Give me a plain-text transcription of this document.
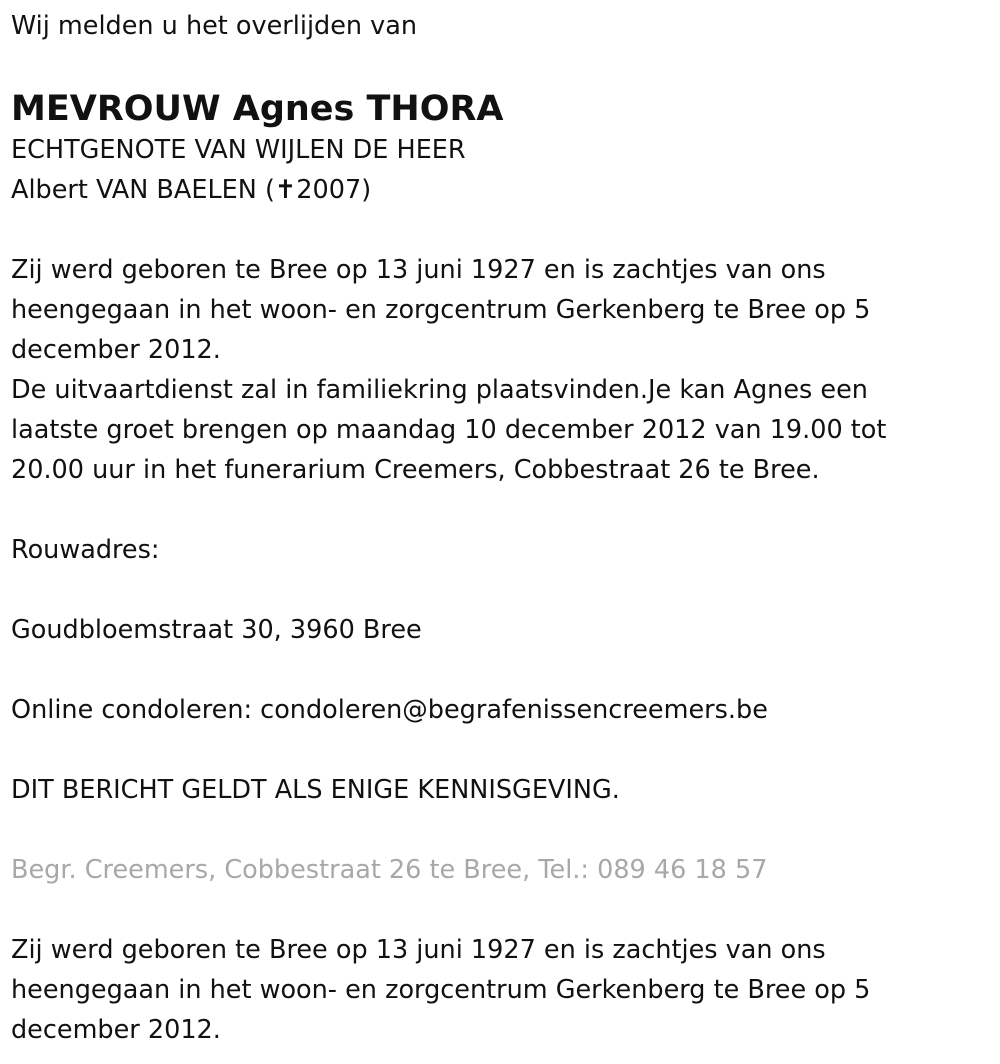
Wij melden u het overlijden van

MEVROUW Agnes THORA

ECHTGENOTE VAN WIJLEN DE HEER

Albert VAN BAELEN (✝2007)

Zij werd geboren te Bree op 13 juni 1927 en is zachtjes van ons

heengegaan in het woon- en zorgcentrum Gerkenberg te Bree op 5

december 2012.

De uitvaartdienst zal in familiekring plaatsvinden.Je kan Agnes een

laatste groet brengen op maandag 10 december 2012 van 19.00 tot

20.00 uur in het funerarium Creemers, Cobbestraat 26 te Bree.

Rouwadres:

Goudbloemstraat 30, 3960 Bree

Online condoleren: condoleren@begrafenissencreemers.be

DIT BERICHT GELDT ALS ENIGE KENNISGEVING.

Begr. Creemers, Cobbestraat 26 te Bree, Tel.: 089 46 18 57

Zij werd geboren te Bree op 13 juni 1927 en is zachtjes van ons

heengegaan in het woon- en zorgcentrum Gerkenberg te Bree op 5

december 2012.
